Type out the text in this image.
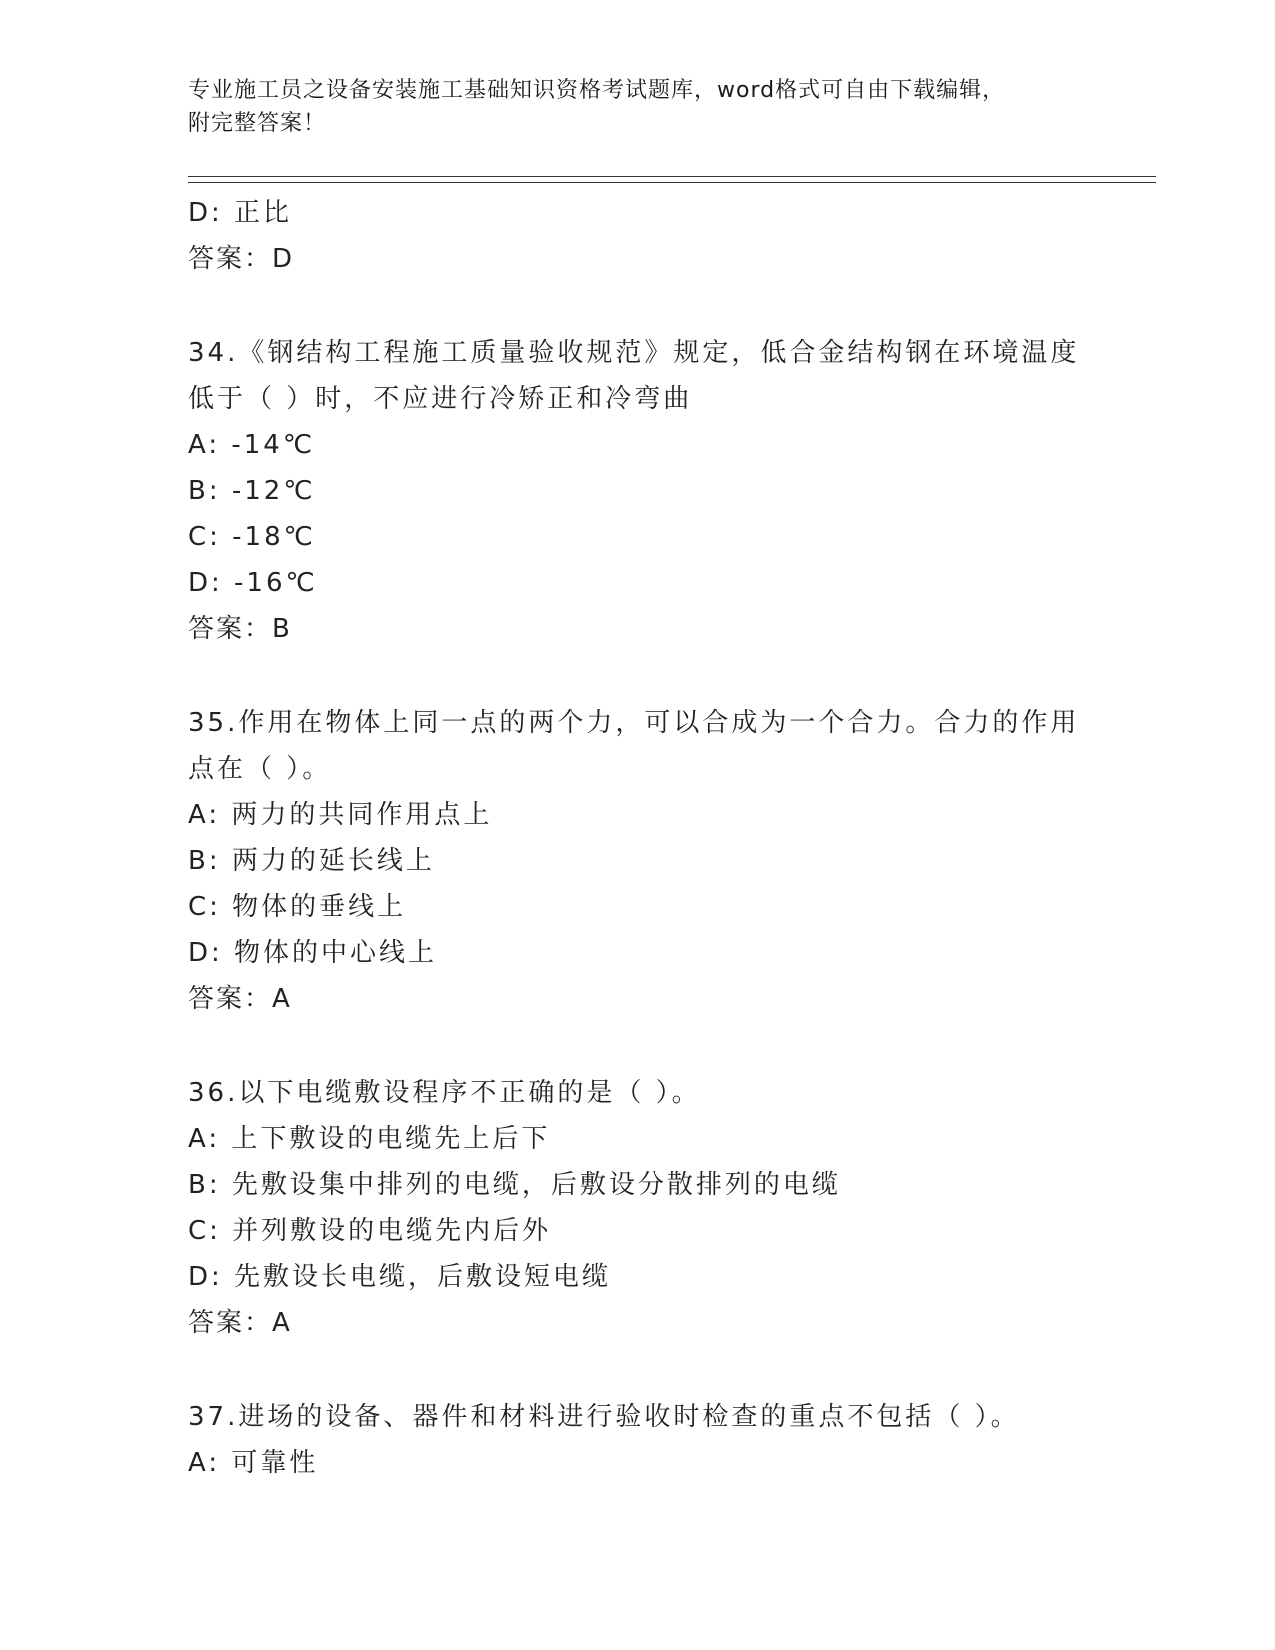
专业施工员之设备安装施工基础知识资格考试题库，word格式可自由下载编辑，
附完整答案！
D: 正比
答案：D
34.《钢结构工程施工质量验收规范》规定，低合金结构钢在环境温度
低于（ ）时，不应进行冷矫正和冷弯曲
A: -14℃
B: -12℃
C: -18℃
D: -16℃
答案：B
35.作用在物体上同一点的两个力，可以合成为一个合力。合力的作用
点在（ ）。
A: 两力的共同作用点上
B: 两力的延长线上
C: 物体的垂线上
D: 物体的中心线上
答案：A
36.以下电缆敷设程序不正确的是（ ）。
A: 上下敷设的电缆先上后下
B: 先敷设集中排列的电缆，后敷设分散排列的电缆
C: 并列敷设的电缆先内后外
D: 先敷设长电缆，后敷设短电缆
答案：A
37.进场的设备、器件和材料进行验收时检查的重点不包括（ ）。
A: 可靠性
